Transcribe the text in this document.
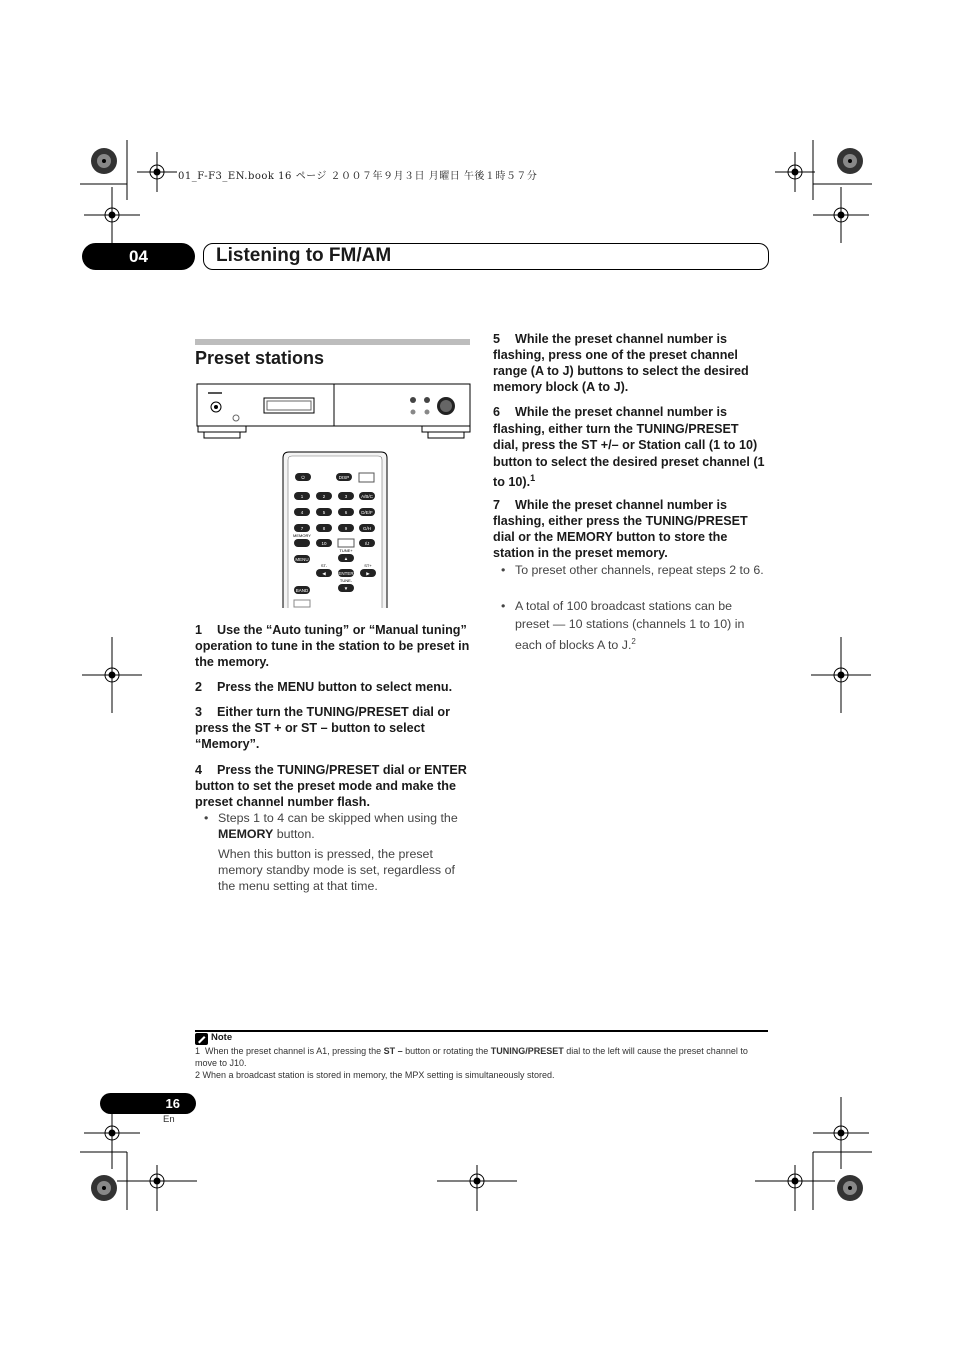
01_F-F3_EN.book 16 ページ ２００７年９月３日 月曜日 午後１時５７分
04	Listening to FM/AM
Preset stations
⏻	DISP
1	2	3	A/B/C
4	5	6	D/E/F
7	8	9	G/H
10	I/J
MENU	▲
◀	ENTER	▶
▼
BAND
MEMORY
TUNE+
ST-	ST+
TUNE-
1 Use the “Auto tuning” or “Manual tuning” operation to tune in the station to be preset in the memory.
2 Press the MENU button to select menu.
3 Either turn the TUNING/PRESET dial or press the ST + or ST – button to select “Memory”.
4 Press the TUNING/PRESET dial or ENTER button to set the preset mode and make the preset channel number flash.
• Steps 1 to 4 can be skipped when using the MEMORY button.
When this button is pressed, the preset memory standby mode is set, regardless of the menu setting at that time.
5 While the preset channel number is flashing, press one of the preset channel range (A to J) buttons to select the desired memory block (A to J).
6 While the preset channel number is flashing, either turn the TUNING/PRESET dial, press the ST +/– or Station call (1 to 10) button to select the desired preset channel (1 to 10).$^1$
7 While the preset channel number is flashing, either press the TUNING/PRESET dial or the MEMORY button to store the station in the preset memory.
• To preset other channels, repeat steps 2 to 6.
• A total of 100 broadcast stations can be preset — 10 stations (channels 1 to 10) in each of blocks A to J.$^2$
Note
1 When the preset channel is A1, pressing the ST – button or rotating the TUNING/PRESET dial to the left will cause the preset channel to move to J10.
2 When a broadcast station is stored in memory, the MPX setting is simultaneously stored.
16
En
